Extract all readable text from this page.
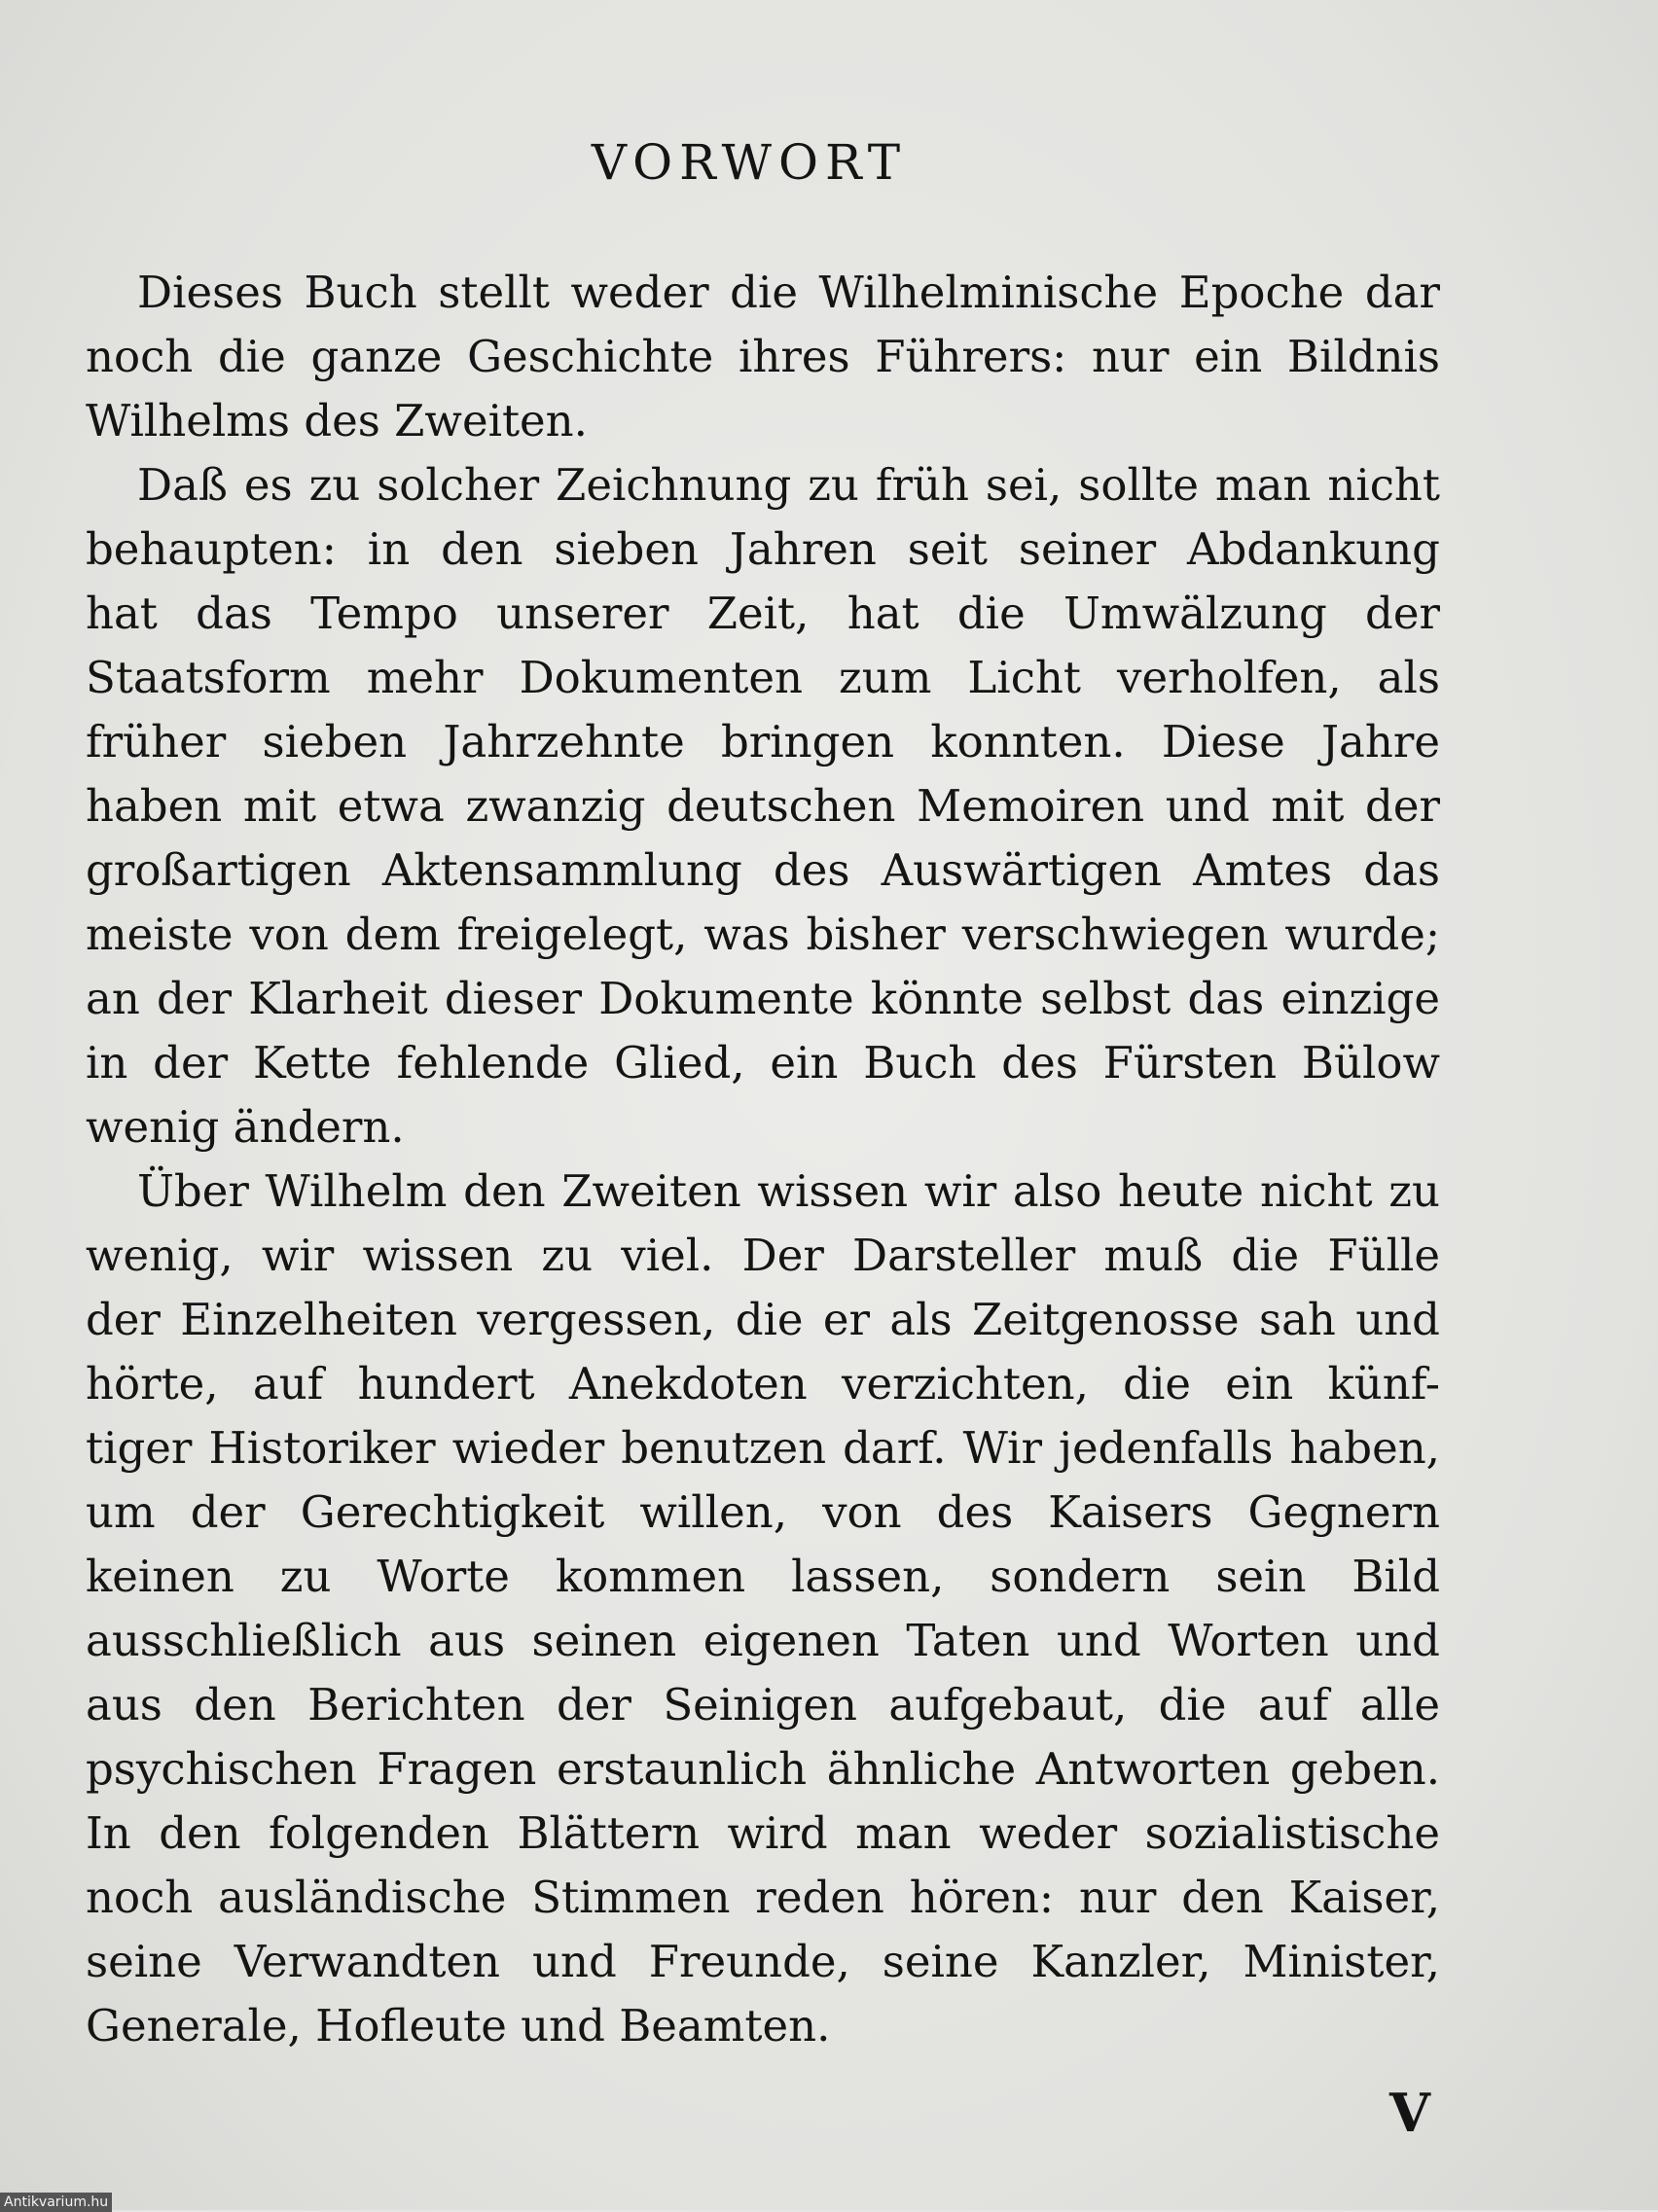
VORWORT
Dieses Buch stellt weder die Wilhelminische Epoche dar
noch die ganze Geschichte ihres Führers: nur ein Bildnis
Wilhelms des Zweiten.
Daß es zu solcher Zeichnung zu früh sei, sollte man nicht
behaupten: in den sieben Jahren seit seiner Abdankung
hat das Tempo unserer Zeit, hat die Umwälzung der
Staatsform mehr Dokumenten zum Licht verholfen, als
früher sieben Jahrzehnte bringen konnten. Diese Jahre
haben mit etwa zwanzig deutschen Memoiren und mit der
großartigen Aktensammlung des Auswärtigen Amtes das
meiste von dem freigelegt, was bisher verschwiegen wurde;
an der Klarheit dieser Dokumente könnte selbst das einzige
in der Kette fehlende Glied, ein Buch des Fürsten Bülow
wenig ändern.
Über Wilhelm den Zweiten wissen wir also heute nicht zu
wenig, wir wissen zu viel. Der Darsteller muß die Fülle
der Einzelheiten vergessen, die er als Zeitgenosse sah und
hörte, auf hundert Anekdoten verzichten, die ein künf-
tiger Historiker wieder benutzen darf. Wir jedenfalls haben,
um der Gerechtigkeit willen, von des Kaisers Gegnern
keinen zu Worte kommen lassen, sondern sein Bild
ausschließlich aus seinen eigenen Taten und Worten und
aus den Berichten der Seinigen aufgebaut, die auf alle
psychischen Fragen erstaunlich ähnliche Antworten geben.
In den folgenden Blättern wird man weder sozialistische
noch ausländische Stimmen reden hören: nur den Kaiser,
seine Verwandten und Freunde, seine Kanzler, Minister,
Generale, Hofleute und Beamten.
V
Antikvarium.hu
